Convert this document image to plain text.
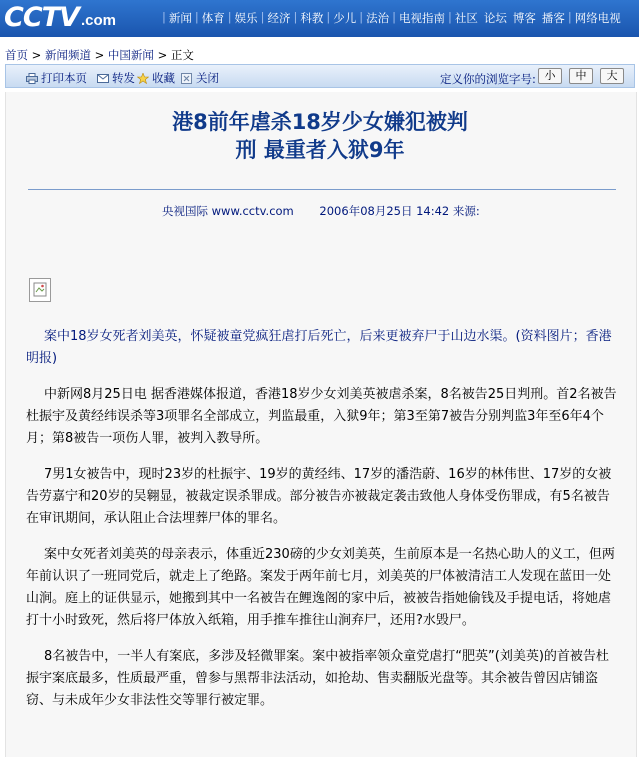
CCTV .com	| 新闻 | 体育 | 娱乐 | 经济 | 科教 | 少儿 | 法治 | 电视指南 | 社区 论坛 博客 播客 | 网络电视
首页 > 新闻频道 > 中国新闻 > 正文
打印本页 转发 收藏 关闭	定义你的浏览字号: 小	中	大
港8前年虐杀18岁少女嫌犯被判
刑 最重者入狱9年
央视国际 www.cctv.com 2006年08月25日 14:42 来源:

案中18岁女死者刘美英，怀疑被童党疯狂虐打后死亡，后来更被弃尸于山边水渠。(资料图片；香港明报)

中新网8月25日电 据香港媒体报道，香港18岁少女刘美英被虐杀案，8名被告25日判刑。首2名被告杜振宇及黄经纬误杀等3项罪名全部成立，判监最重，入狱9年；第3至第7被告分别判监3年至6年4个月；第8被告一项伤人罪，被判入教导所。

7男1女被告中，现时23岁的杜振宇、19岁的黄经纬、17岁的潘浩蔚、16岁的林伟世、17岁的女被告劳嘉宁和20岁的吴翱显，被裁定误杀罪成。部分被告亦被裁定袭击致他人身体受伤罪成，有5名被告在审讯期间，承认阻止合法埋葬尸体的罪名。

案中女死者刘美英的母亲表示，体重近230磅的少女刘美英，生前原本是一名热心助人的义工，但两年前认识了一班同党后，就走上了绝路。案发于两年前七月，刘美英的尸体被清洁工人发现在蓝田一处山涧。庭上的证供显示，她搬到其中一名被告在鲤逸阁的家中后，被被告指她偷钱及手提电话，将她虐打十小时致死，然后将尸体放入纸箱，用手推车推往山涧弃尸，还用?水毁尸。

8名被告中，一半人有案底，多涉及轻微罪案。案中被指率领众童党虐打“肥英”(刘美英)的首被告杜振宇案底最多，性质最严重，曾参与黑帮非法活动，如抢劫、售卖翻版光盘等。其余被告曾因店铺盗窃、与未成年少女非法性交等罪行被定罪。
